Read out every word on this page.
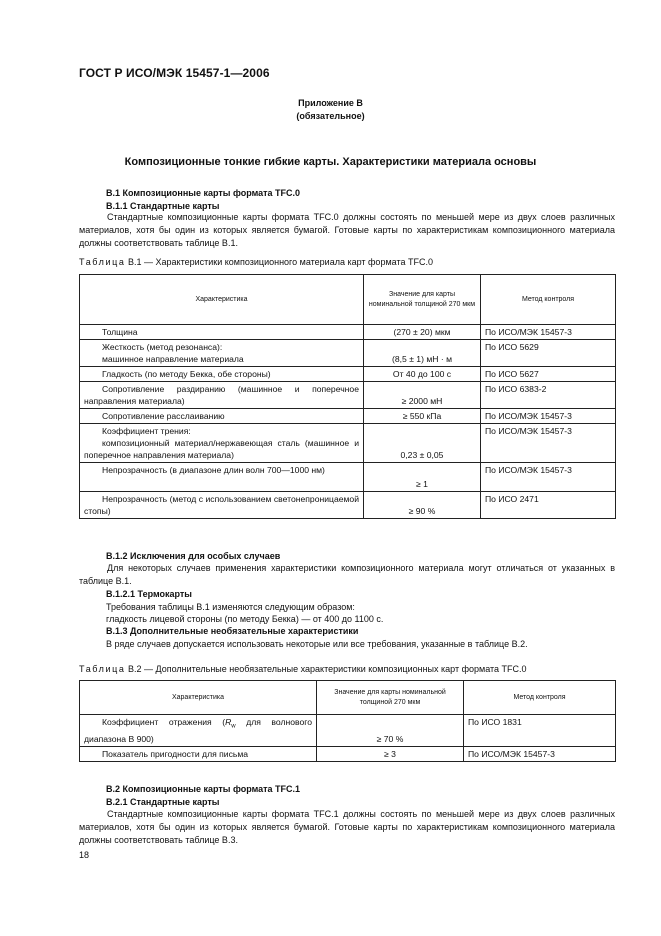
ГОСТ Р ИСО/МЭК 15457-1—2006
Приложение В
(обязательное)
Композиционные тонкие гибкие карты. Характеристики материала основы
В.1 Композиционные карты формата TFC.0
В.1.1 Стандартные карты
Стандартные композиционные карты формата TFC.0 должны состоять по меньшей мере из двух слоев различных материалов, хотя бы один из которых является бумагой. Готовые карты по характеристикам композиционного материала должны соответствовать таблице В.1.
Таблица В.1 — Характеристики композиционного материала карт формата TFC.0
Характеристика	Значение для карты номинальной толщиной 270 мкм	Метод контроля
Толщина	(270 ± 20) мкм	По ИСО/МЭК 15457-3

Жесткость (метод резонанса):
машинное направление материала	(8,5 ± 1) мН · м	По ИСО 5629
Гладкость (по методу Бекка, обе стороны)	От 40 до 100 с	По ИСО 5627
Сопротивление раздиранию (машинное и поперечное направления материала)	≥ 2000 мН	По ИСО 6383-2
Сопротивление расслаиванию	≥ 550 кПа	По ИСО/МЭК 15457-3

Коэффициент трения:
композиционный материал/нержавеющая сталь (машинное и поперечное направления материала)	0,23 ± 0,05	По ИСО/МЭК 15457-3
Непрозрачность (в диапазоне длин волн 700—1000 нм)	≥ 1	По ИСО/МЭК 15457-3
Непрозрачность (метод с использованием светонепроницаемой стопы)	≥ 90 %	По ИСО 2471
В.1.2 Исключения для особых случаев
Для некоторых случаев применения характеристики композиционного материала могут отличаться от указанных в таблице В.1.
В.1.2.1 Термокарты
Требования таблицы В.1 изменяются следующим образом:
гладкость лицевой стороны (по методу Бекка) — от 400 до 1100 с.
В.1.3 Дополнительные необязательные характеристики
В ряде случаев допускается использовать некоторые или все требования, указанные в таблице В.2.
Таблица В.2 — Дополнительные необязательные характеристики композиционных карт формата TFC.0
Характеристика	Значение для карты номинальной толщиной 270 мкм	Метод контроля
Коэффициент отражения ($R_w$ для волнового диапазона В 900)	≥ 70 %	По ИСО 1831
Показатель пригодности для письма	≥ 3	По ИСО/МЭК 15457-3
В.2 Композиционные карты формата TFC.1
В.2.1 Стандартные карты
Стандартные композиционные карты формата TFC.1 должны состоять по меньшей мере из двух слоев различных материалов, хотя бы один из которых является бумагой. Готовые карты по характеристикам композиционного материала должны соответствовать таблице В.3.
18
